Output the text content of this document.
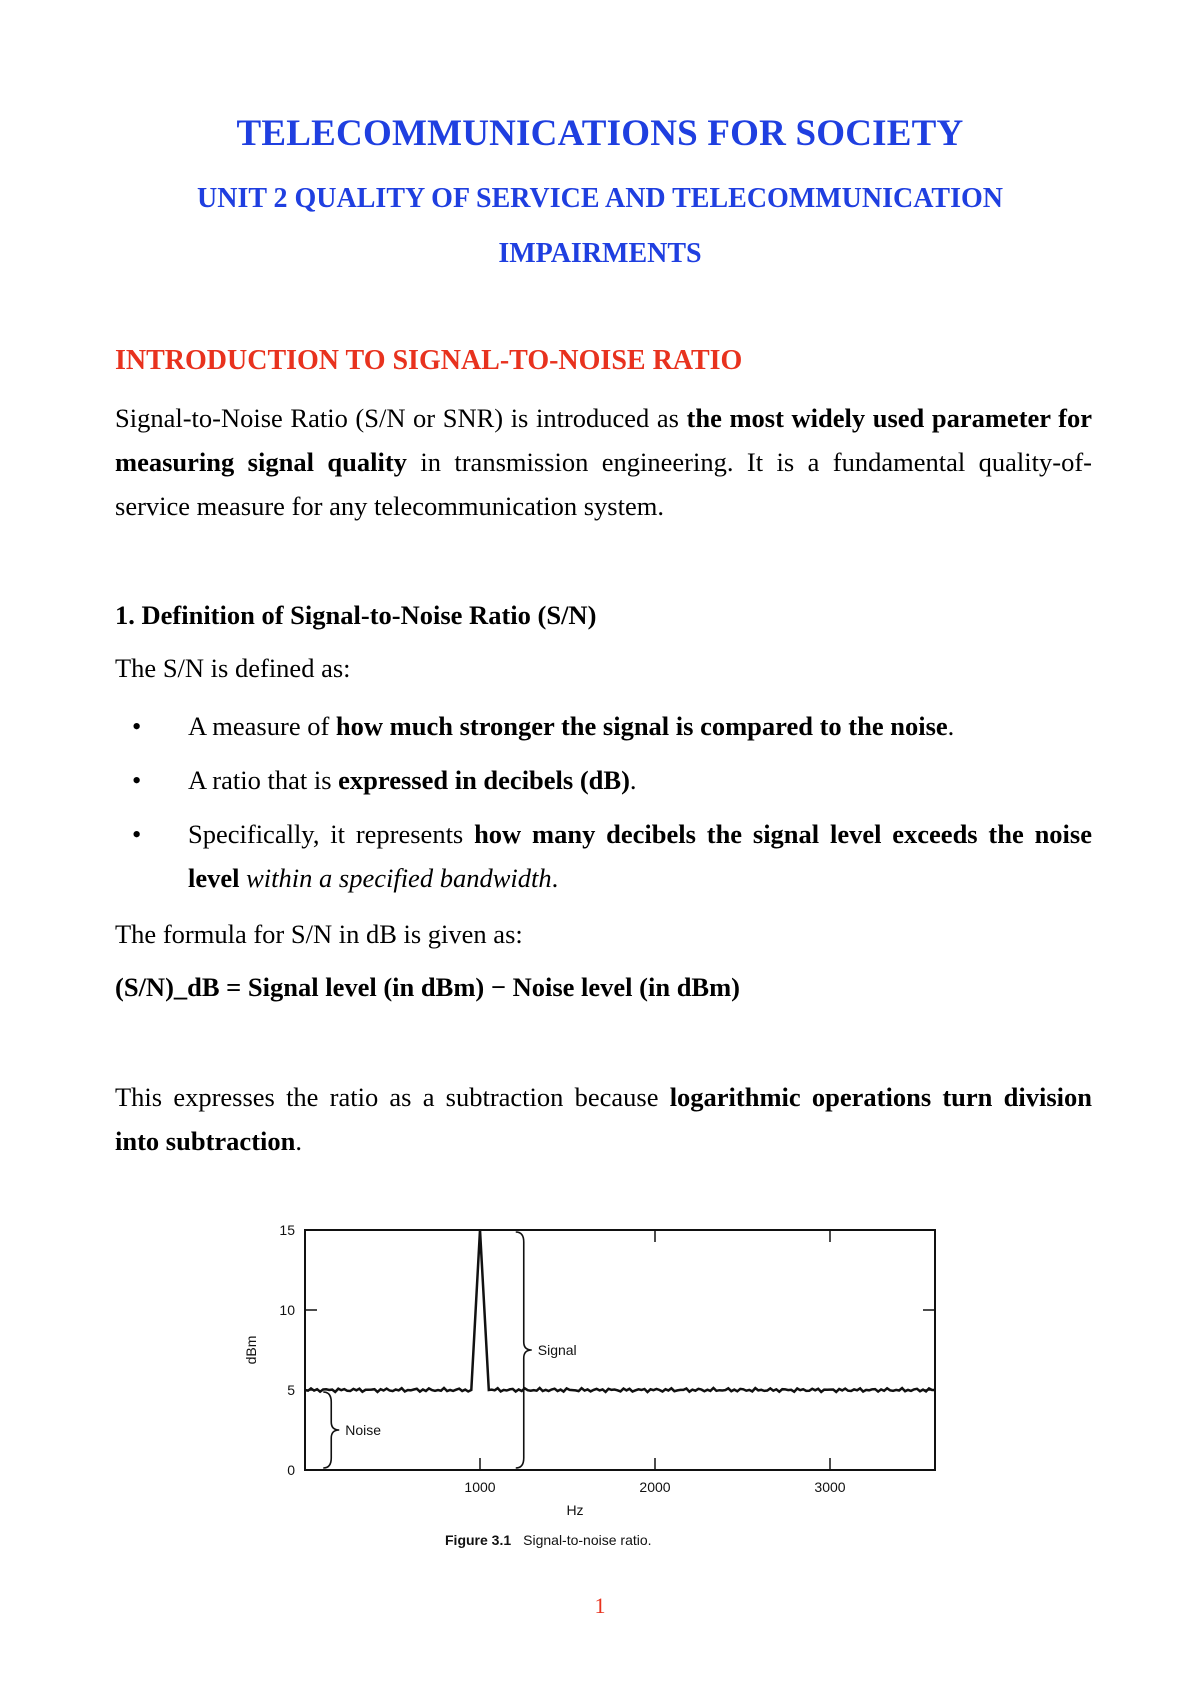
TELECOMMUNICATIONS FOR SOCIETY
UNIT 2 QUALITY OF SERVICE AND TELECOMMUNICATION
IMPAIRMENTS
INTRODUCTION TO SIGNAL-TO-NOISE RATIO
Signal-to-Noise Ratio (S/N or SNR) is introduced as the most widely used parameter for measuring signal quality in transmission engineering. It is a fundamental quality-of-service measure for any telecommunication system.
1. Definition of Signal-to-Noise Ratio (S/N)
The S/N is defined as:
• A measure of how much stronger the signal is compared to the noise.
• A ratio that is expressed in decibels (dB).
• Specifically, it represents how many decibels the signal level exceeds the noise level within a specified bandwidth.
The formula for S/N in dB is given as:
(S/N)_dB = Signal level (in dBm) − Noise level (in dBm)
This expresses the ratio as a subtraction because logarithmic operations turn division into subtraction.
0
5
10
15
1000	2000	3000
Hz
dBm	Signal
Noise
Figure 3.1 Signal-to-noise ratio.
1
